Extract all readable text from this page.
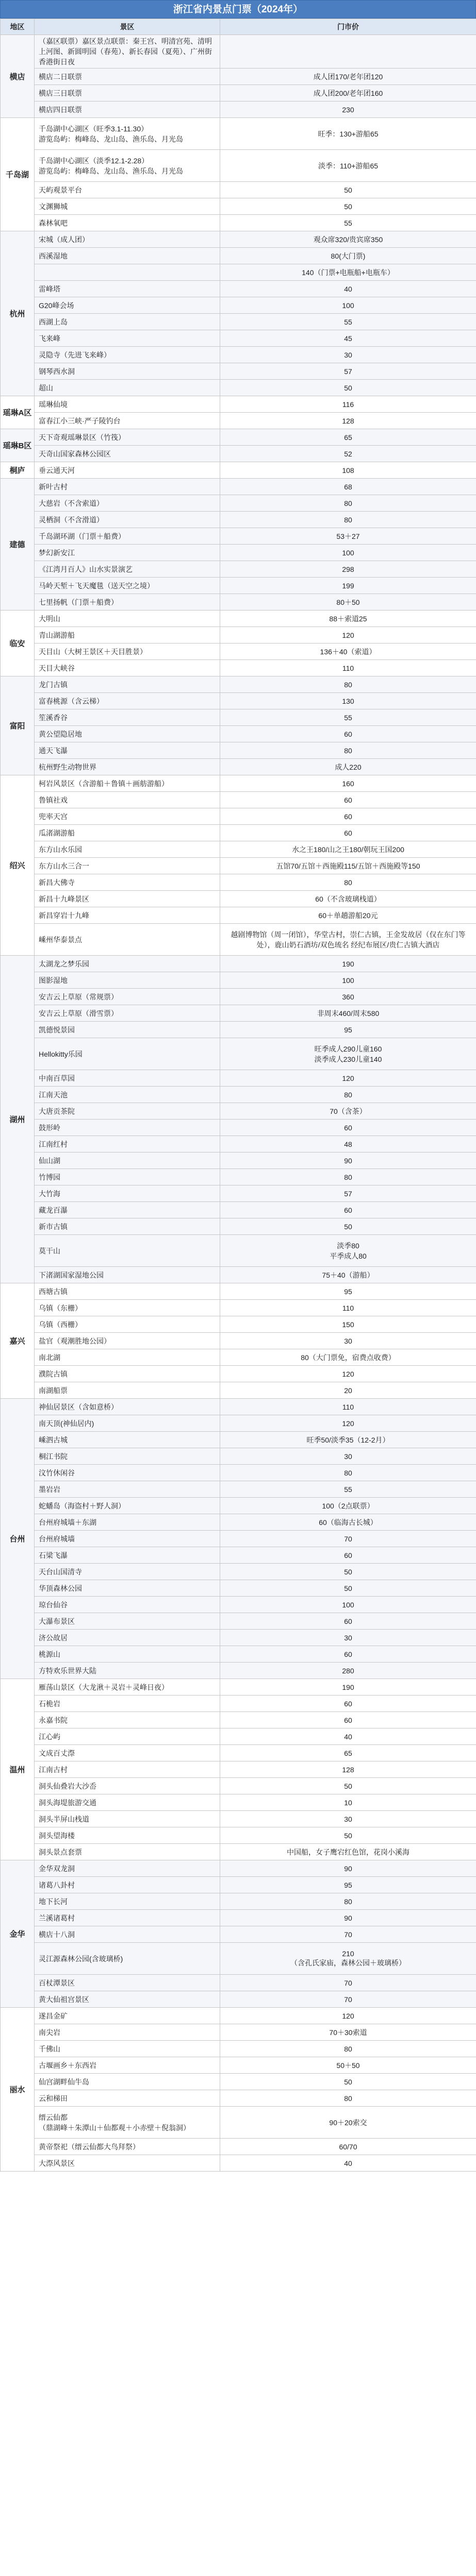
浙江省内景点门票（2024年）
地区	景区	门市价
横店	（嘉区联票）嘉区景点联票：秦王宫、明清宫苑、清明上河图、新圆明园（春苑）、新长春园（夏苑）、广州街香港街日夜	
	横店二日联票	成人团170/老年团120
	横店三日联票	成人团200/老年团160
	横店四日联票	230
千岛湖	千岛湖中心湖区（旺季3.1-11.30）
游览岛屿：梅峰岛、龙山岛、渔乐岛、月光岛	旺季：130+游船65
	千岛湖中心湖区（淡季12.1-2.28）
游览岛屿：梅峰岛、龙山岛、渔乐岛、月光岛	淡季：110+游船65
	天屿观景平台	50
	文渊狮城	50
	森林氧吧	55
杭州	宋城（成人团）	观众席320/贵宾席350
	西溪湿地	80(大门票)
		140（门票+电瓶船+电瓶车）
	雷峰塔	40
	G20峰会场	100
	西湖上岛	55
	飞来峰	45
	灵隐寺（先进飞来峰）	30
	钢琴西水洞	57
	超山	50
瑶琳A区	瑶琳仙境	116
	富春江小三峡·严子陵钓台	128
瑶琳B区	天下奇观瑶琳景区（竹筏）	65
	天奇山国家森林公园区	52
桐庐	垂云通天河	108
建德	新叶古村	68
	大慈岩（不含索道）	80
	灵栖洞（不含滑道）	80
	千岛湖环湖（门票＋船费）	53＋27
	梦幻新安江	100
	《江湾月百人》山水实景演艺	298
	马岭天堑＋飞天魔毯（送天空之境）	199
	七里扬帆（门票＋船费）	80＋50
临安	大明山	88＋索道25
	青山湖游船	120
	天目山（大树王景区＋天目胜景）	136＋40（索道）
	天目大峡谷	110
富阳	龙门古镇	80
	富春桃源（含云梯）	130
	笙溪香谷	55
	黄公望隐居地	60
	通天飞瀑	80
	杭州野生动物世界	成人220
绍兴	柯岩风景区（含游船＋鲁镇＋画舫游船）	160
	鲁镇社戏	60
	兜率天宫	60
	瓜渚湖游船	60
	东方山水乐园	水之王180/山之王180/朝玩王国200
	东方山水三合一	五馆70/五馆＋西施殿115/五馆＋西施殿等150
	新昌大佛寺	80
	新昌十九峰景区	60（不含玻璃栈道）
	新昌穿岩十九峰	60＋单趟游船20元
	嵊州华泰景点	越剧博物馆（周一闭馆），华堂古村，崇仁古镇，王金发故居（仅在东门等处），鹿山奶石酒坊/双色琉名 经纪布展区/贵仁古镇大酒店
湖州	太湖龙之梦乐园	190
	图影湿地	100
	安吉云上草原（常规票）	360
	安吉云上草原（滑雪票）	非周末460/周末580
	凯德悦景园	95
	Hellokitty乐园	旺季成人290儿童160
淡季成人230儿童140
	中南百草园	120
	江南天池	80
	大唐贡茶院	70（含茶）
	鼓形岭	60
	江南红村	48
	仙山湖	90
	竹博园	80
	大竹海	57
	藏龙百瀑	60
	新市古镇	50
	莫干山	淡季80
平季成人80
	下渚湖国家湿地公园	75＋40（游船）
嘉兴	西塘古镇	95
	乌镇（东栅）	110
	乌镇（西栅）	150
	盐官（观潮胜地公园）	30
	南北湖	80（大门票免，宿费点收费）
	濮院古镇	120
	南湖船票	20
台州	神仙居景区（含如意桥）	110
	南天顶(神仙居内)	120
	嵊泗古城	旺季50/淡季35（12-2月）
	桐江书院	30
	汶竹休闲谷	80
	墨岩岩	55
	蛇蟠岛（海盗村＋野人洞）	100（2点联票）
	台州府城墙＋东湖	60（临海古长城）
	台州府城墙	70
	石梁飞瀑	60
	天台山国清寺	50
	华顶森林公园	50
	琼台仙谷	100
	大瀑布景区	60
	济公故居	30
	桃源山	60
	方特欢乐世界大陆	280
温州	雁荡山景区（大龙湫＋灵岩＋灵峰日夜）	190
	石桅岩	60
	永嘉书院	60
	江心屿	40
	文成百丈漈	65
	江南古村	128
	洞头仙叠岩大沙岙	50
	洞头海堤旅游交通	10
	洞头半屏山栈道	30
	洞头望海楼	50
	洞头景点套票	中国船，女子鹰宕红色馆，花岗小溪海
金华	金华双龙洞	90
	诸葛八卦村	95
	地下长河	80
	兰溪诸葛村	90
	横店十八洞	70
	灵江源森林公园(含玻璃桥)	210
（含孔氏家庙，森林公园＋玻璃桥）
	百杖潭景区	70
	黄大仙祖宫景区	70
丽水	遂昌金矿	120
	南尖岩	70＋30索道
	千佛山	80
	古堰画乡＋东西岩	50＋50
	仙宫湖畔仙牛岛	50
	云和梯田	80
	缙云仙都
（鼎湖峰＋朱潭山＋仙都观＋小赤壁＋倪翁洞）	90＋20索交
	黄帝祭祀（缙云仙都大鸟拜祭）	60/70
	大漈风景区	40
